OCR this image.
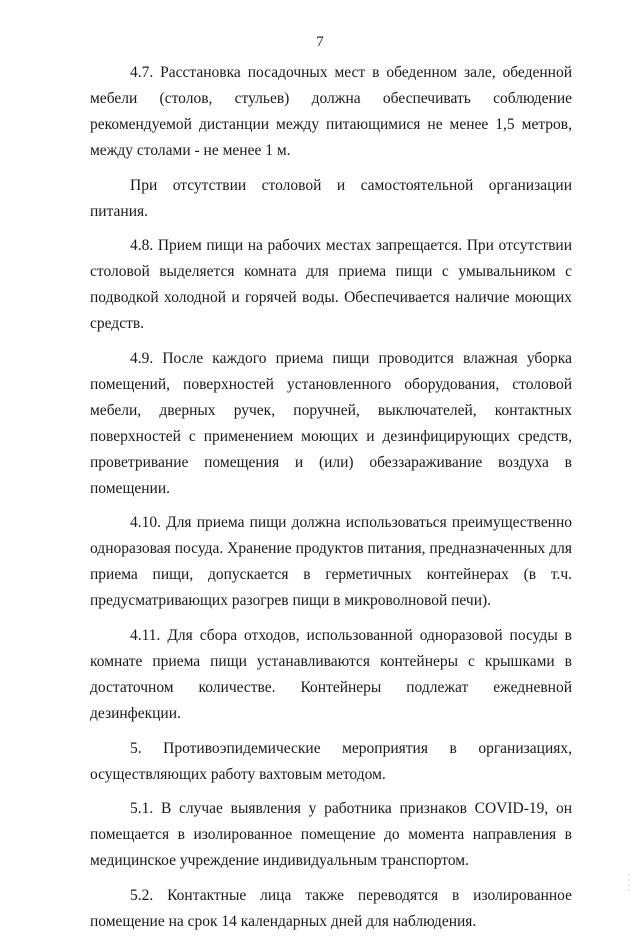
7

4.7. Расстановка посадочных мест в обеденном зале, обеденной мебели (столов, стульев) должна обеспечивать соблюдение рекомендуемой дистанции между питающимися не менее 1,5 метров, между столами - не менее 1 м.

При отсутствии столовой и самостоятельной организации питания.

4.8. Прием пищи на рабочих местах запрещается. При отсутствии столовой выделяется комната для приема пищи с умывальником с подводкой холодной и горячей воды. Обеспечивается наличие моющих средств.

4.9. После каждого приема пищи проводится влажная уборка помещений, поверхностей установленного оборудования, столовой мебели, дверных ручек, поручней, выключателей, контактных поверхностей с применением моющих и дезинфицирующих средств, проветривание помещения и (или) обеззараживание воздуха в помещении.

4.10. Для приема пищи должна использоваться преимущественно одноразовая посуда. Хранение продуктов питания, предназначенных для приема пищи, допускается в герметичных контейнерах (в т.ч. предусматривающих разогрев пищи в микроволновой печи).

4.11. Для сбора отходов, использованной одноразовой посуды в комнате приема пищи устанавливаются контейнеры с крышками в достаточном количестве. Контейнеры подлежат ежедневной дезинфекции.

5. Противоэпидемические мероприятия в организациях, осуществляющих работу вахтовым методом.

5.1. В случае выявления у работника признаков COVID-19, он помещается в изолированное помещение до момента направления в медицинское учреждение индивидуальным транспортом.

5.2. Контактные лица также переводятся в изолированное помещение на срок 14 календарных дней для наблюдения.
